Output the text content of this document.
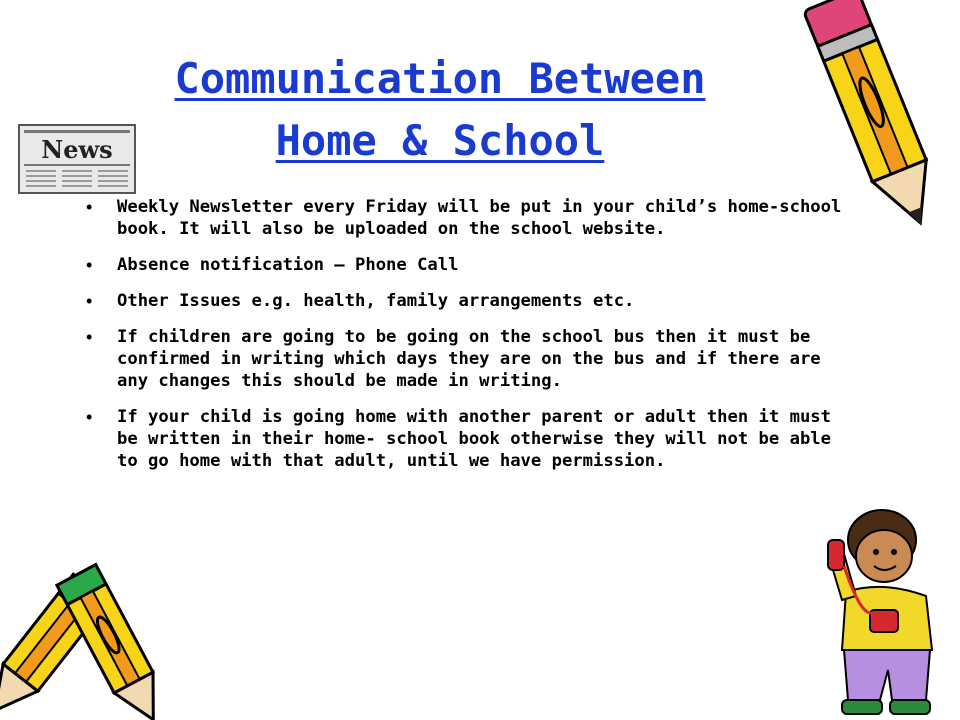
News
Communication Between
Home & School
• Weekly Newsletter every Friday will be put in your child’s home-school book. It will also be uploaded on the school website.
• Absence notification – Phone Call
• Other Issues e.g. health, family arrangements etc.
• If children are going to be going on the school bus then it must be confirmed in writing which days they are on the bus and if there are any changes this should be made in writing.
• If your child is going home with another parent or adult then it must be written in their home- school book otherwise they will not be able to go home with that adult, until we have permission.
